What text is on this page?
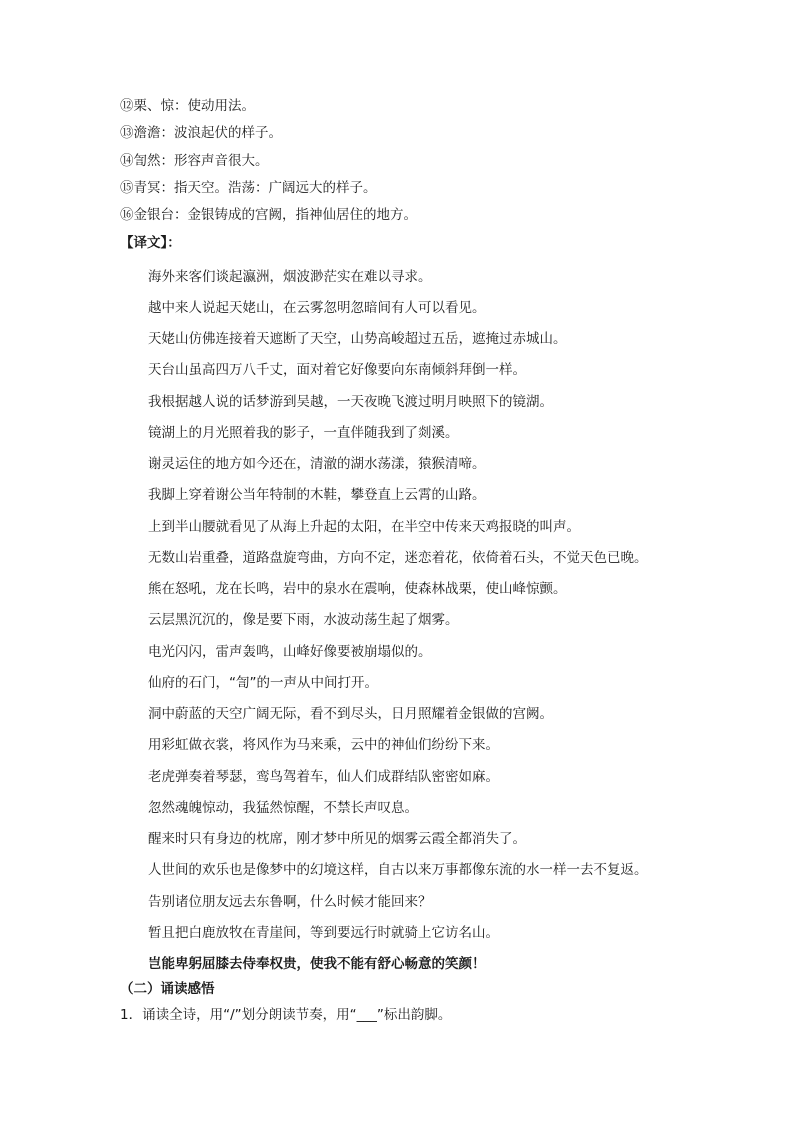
⑫栗、惊：使动用法。
⑬澹澹：波浪起伏的样子。
⑭訇然：形容声音很大。
⑮青冥：指天空。浩荡：广阔远大的样子。
⑯金银台：金银铸成的宫阙，指神仙居住的地方。
【译文】：
海外来客们谈起瀛洲，烟波渺茫实在难以寻求。
越中来人说起天姥山，在云雾忽明忽暗间有人可以看见。
天姥山仿佛连接着天遮断了天空，山势高峻超过五岳，遮掩过赤城山。
天台山虽高四万八千丈，面对着它好像要向东南倾斜拜倒一样。
我根据越人说的话梦游到吴越，一天夜晚飞渡过明月映照下的镜湖。
镜湖上的月光照着我的影子，一直伴随我到了剡溪。
谢灵运住的地方如今还在，清澈的湖水荡漾，猿猴清啼。
我脚上穿着谢公当年特制的木鞋，攀登直上云霄的山路。
上到半山腰就看见了从海上升起的太阳，在半空中传来天鸡报晓的叫声。
无数山岩重叠，道路盘旋弯曲，方向不定，迷恋着花，依倚着石头，不觉天色已晚。
熊在怒吼，龙在长鸣，岩中的泉水在震响，使森林战栗，使山峰惊颤。
云层黑沉沉的，像是要下雨，水波动荡生起了烟雾。
电光闪闪，雷声轰鸣，山峰好像要被崩塌似的。
仙府的石门，“訇”的一声从中间打开。
洞中蔚蓝的天空广阔无际，看不到尽头，日月照耀着金银做的宫阙。
用彩虹做衣裳，将风作为马来乘，云中的神仙们纷纷下来。
老虎弹奏着琴瑟，鸾鸟驾着车，仙人们成群结队密密如麻。
忽然魂魄惊动，我猛然惊醒，不禁长声叹息。
醒来时只有身边的枕席，刚才梦中所见的烟雾云霞全都消失了。
人世间的欢乐也是像梦中的幻境这样，自古以来万事都像东流的水一样一去不复返。
告别诸位朋友远去东鲁啊，什么时候才能回来？
暂且把白鹿放牧在青崖间，等到要远行时就骑上它访名山。
岂能卑躬屈膝去侍奉权贵，使我不能有舒心畅意的笑颜！
（二）诵读感悟
1．诵读全诗，用“/”划分朗读节奏，用“___”标出韵脚。
